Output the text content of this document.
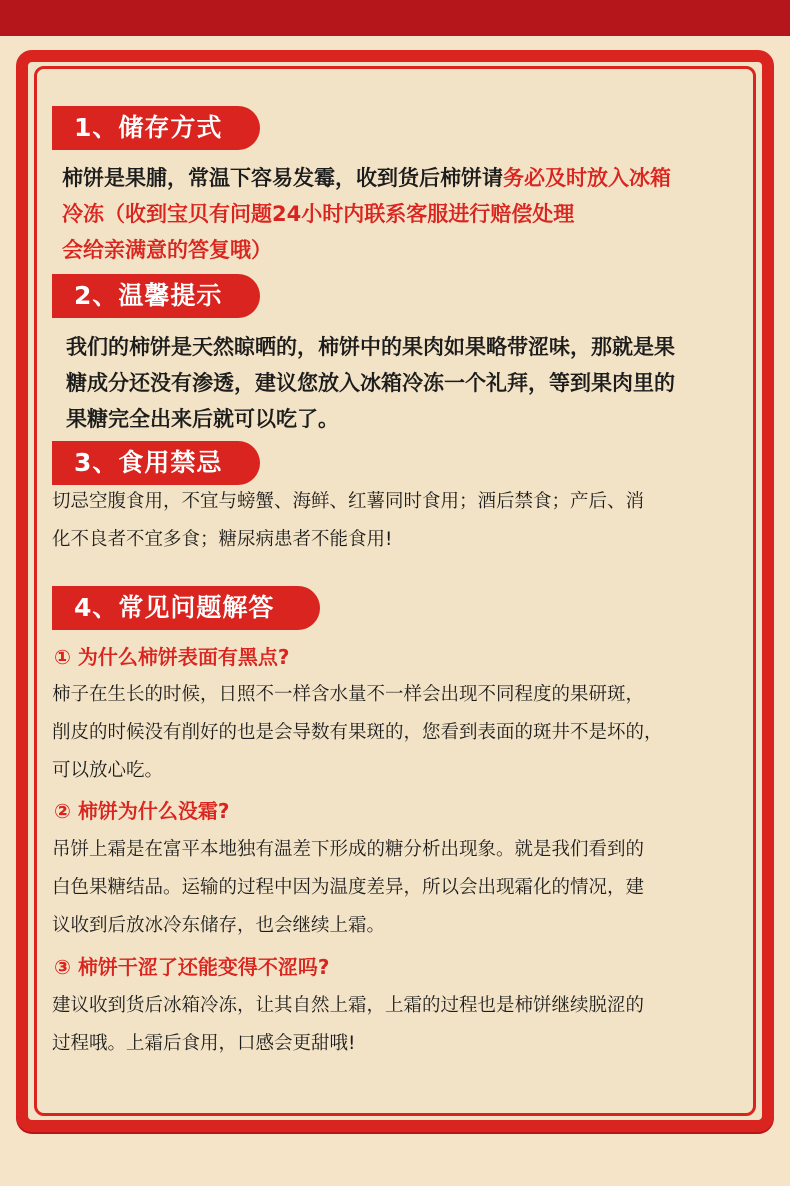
1、储存方式
柿饼是果脯，常温下容易发霉，收到货后柿饼请务必及时放入冰箱
冷冻（收到宝贝有问题24小时内联系客服进行赔偿处理
会给亲满意的答复哦）
2、温馨提示
我们的柿饼是天然晾晒的，柿饼中的果肉如果略带涩味，那就是果
糖成分还没有渗透，建议您放入冰箱冷冻一个礼拜，等到果肉里的
果糖完全出来后就可以吃了。
3、食用禁忌
切忌空腹食用，不宜与螃蟹、海鲜、红薯同时食用；酒后禁食；产后、消
化不良者不宜多食；糖尿病患者不能食用!
4、常见问题解答
① 为什么柿饼表面有黑点?
柿子在生长的时候，日照不一样含水量不一样会出现不同程度的果研斑，
削皮的时候没有削好的也是会导数有果斑的，您看到表面的斑井不是坏的，
可以放心吃。
② 柿饼为什么没霜?
吊饼上霜是在富平本地独有温差下形成的糖分析出现象。就是我们看到的
白色果糖结品。运输的过程中因为温度差异，所以会出现霜化的情况，建
议收到后放冰冷东储存，也会继续上霜。
③ 柿饼干涩了还能变得不涩吗?
建议收到货后冰箱冷冻，让其自然上霜，上霜的过程也是柿饼继续脱涩的
过程哦。上霜后食用，口感会更甜哦!
